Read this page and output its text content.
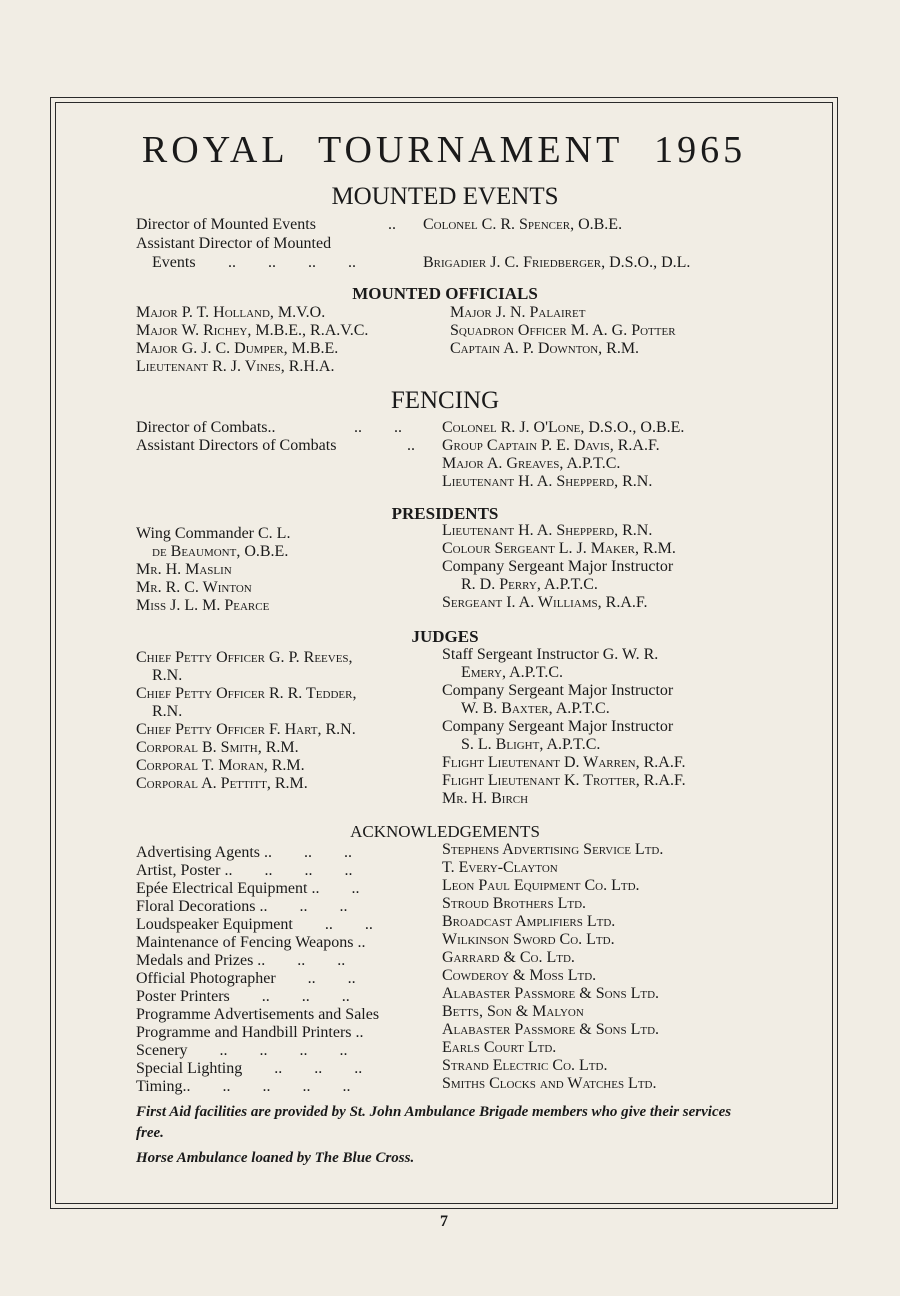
ROYAL TOURNAMENT 1965
MOUNTED EVENTS
Director of Mounted Events	.. Colonel C. R. Spencer, O.B.E.
Assistant Director of Mounted
Events ..        ..        ..        ..	Brigadier J. C. Friedberger, D.S.O., D.L.
MOUNTED OFFICIALS
Major P. T. Holland, M.V.O.
Major W. Richey, M.B.E., R.A.V.C.
Major G. J. C. Dumper, M.B.E.
Lieutenant R. J. Vines, R.H.A.
Major J. N. Palairet
Squadron Officer M. A. G. Potter
Captain A. P. Downton, R.M.
FENCING
Director of Combats..	..        ..	Colonel R. J. O'Lone, D.S.O., O.B.E.
Assistant Directors of Combats	.. Group Captain P. E. Davis, R.A.F.
Major A. Greaves, A.P.T.C.
Lieutenant H. A. Shepperd, R.N.
PRESIDENTS
Wing Commander C. L.
de Beaumont, O.B.E.
Mr. H. Maslin
Mr. R. C. Winton
Miss J. L. M. Pearce
Lieutenant H. A. Shepperd, R.N.
Colour Sergeant L. J. Maker, R.M.
Company Sergeant Major Instructor
R. D. Perry, A.P.T.C.
Sergeant I. A. Williams, R.A.F.
JUDGES
Chief Petty Officer G. P. Reeves,
R.N.
Chief Petty Officer R. R. Tedder,
R.N.
Chief Petty Officer F. Hart, R.N.
Corporal B. Smith, R.M.
Corporal T. Moran, R.M.
Corporal A. Pettitt, R.M.
Staff Sergeant Instructor G. W. R.
Emery, A.P.T.C.
Company Sergeant Major Instructor
W. B. Baxter, A.P.T.C.
Company Sergeant Major Instructor
S. L. Blight, A.P.T.C.
Flight Lieutenant D. Warren, R.A.F.
Flight Lieutenant K. Trotter, R.A.F.
Mr. H. Birch
ACKNOWLEDGEMENTS
Advertising Agents ..        ..        ..	Stephens Advertising Service Ltd.
Artist, Poster ..        ..        ..        ..	T. Every-Clayton
Epée Electrical Equipment ..        ..	Leon Paul Equipment Co. Ltd.
Floral Decorations ..        ..        ..	Stroud Brothers Ltd.
Loudspeaker Equipment        ..        ..	Broadcast Amplifiers Ltd.
Maintenance of Fencing Weapons ..	Wilkinson Sword Co. Ltd.
Medals and Prizes ..        ..        ..	Garrard & Co. Ltd.
Official Photographer        ..        ..	Cowderoy & Moss Ltd.
Poster Printers        ..        ..        ..	Alabaster Passmore & Sons Ltd.
Programme Advertisements and Sales	Betts, Son & Malyon
Programme and Handbill Printers ..	Alabaster Passmore & Sons Ltd.
Scenery        ..        ..        ..        ..	Earls Court Ltd.
Special Lighting        ..        ..        ..	Strand Electric Co. Ltd.
Timing..        ..        ..        ..        ..	Smiths Clocks and Watches Ltd.
First Aid facilities are provided by St. John Ambulance Brigade members who give their services free.
Horse Ambulance loaned by The Blue Cross.
7
